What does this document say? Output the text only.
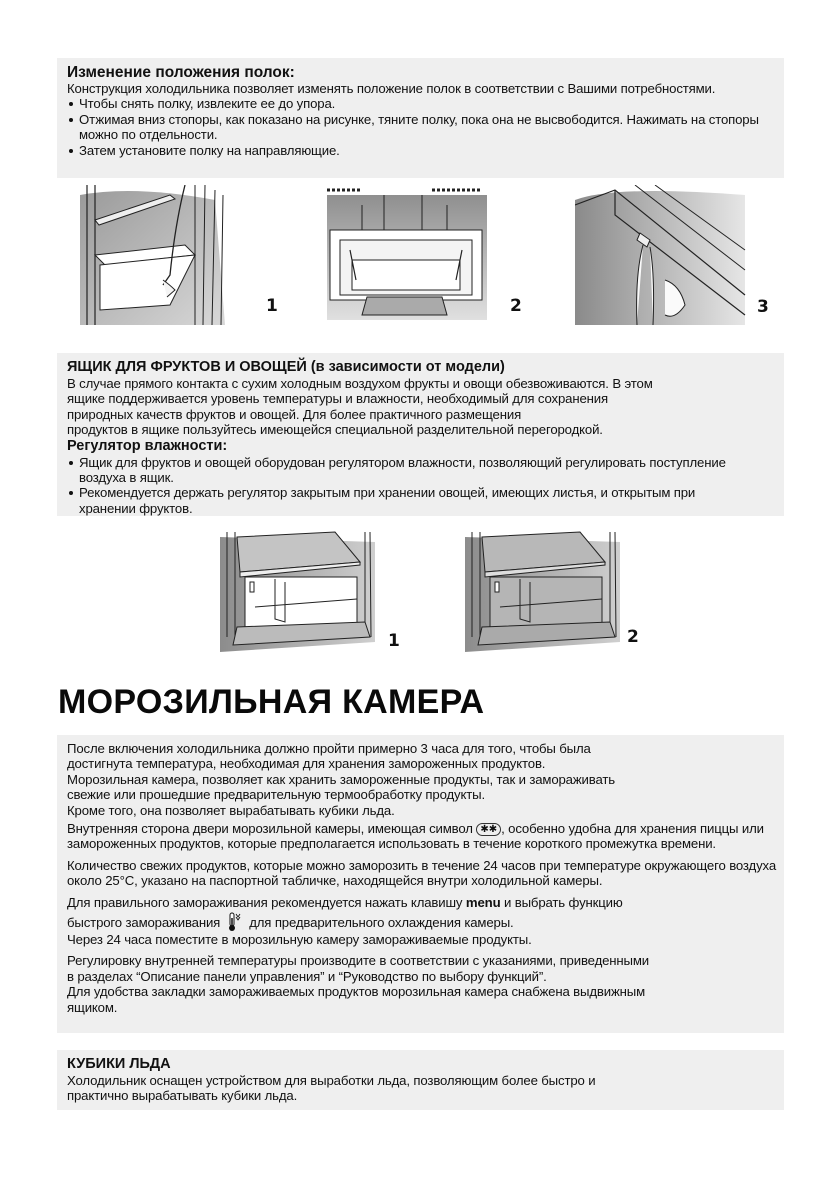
Изменение положения полок:

Конструкция холодильника позволяет изменять положение полок в соответствии с Вашими потребностями.

Чтобы снять полку, извлеките ее до упора.
Отжимая вниз стопоры, как показано на рисунке, тяните полку, пока она не высвободится. Нажимать на стопоры можно по отдельности.
Затем установите полку на направляющие.
1	2	3
ЯЩИК ДЛЯ ФРУКТОВ И ОВОЩЕЙ (в зависимости от модели)

В случае прямого контакта с сухим холодным воздухом фрукты и овощи обезвоживаются. В этом

ящике поддерживается уровень температуры и влажности, необходимый для сохранения

природных качеств фруктов и овощей. Для более практичного размещения

продуктов в ящике пользуйтесь имеющейся специальной разделительной перегородкой.

Регулятор влажности:
Ящик для фруктов и овощей оборудован регулятором влажности, позволяющий регулировать поступление воздуха в ящик.
Рекомендуется держать регулятор закрытым при хранении овощей, имеющих листья, и открытым при хранении фруктов.
1	2
МОРОЗИЛЬНАЯ КАМЕРА

После включения холодильника должно пройти примерно 3 часа для того, чтобы была

достигнута температура, необходимая для хранения замороженных продуктов.

Морозильная камера, позволяет как хранить замороженные продукты, так и замораживать

свежие или прошедшие предварительную термообработку продукты.

Кроме того, она позволяет вырабатывать кубики льда.

Внутренняя сторона двери морозильной камеры, имеющая символ ✱✱ , особенно удобна для хранения пиццы или замороженных продуктов, которые предполагается использовать в течение короткого промежутка времени.

Количество свежих продуктов, которые можно заморозить в течение 24 часов при температуре окружающего воздуха около 25°С, указано на паспортной табличке, находящейся внутри холодильной камеры.

Для правильного замораживания рекомендуется нажать клавишу menu и выбрать функцию

быстрого замораживания для предварительного охлаждения камеры.

Через 24 часа поместите в морозильную камеру замораживаемые продукты.

Регулировку внутренней температуры производите в соответствии с указаниями, приведенными

в разделах “Описание панели управления” и “Руководство по выбору функций”.

Для удобства закладки замораживаемых продуктов морозильная камера снабжена выдвижным

ящиком.

КУБИКИ ЛЬДА

Холодильник оснащен устройством для выработки льда, позволяющим более быстро и

практично вырабатывать кубики льда.
